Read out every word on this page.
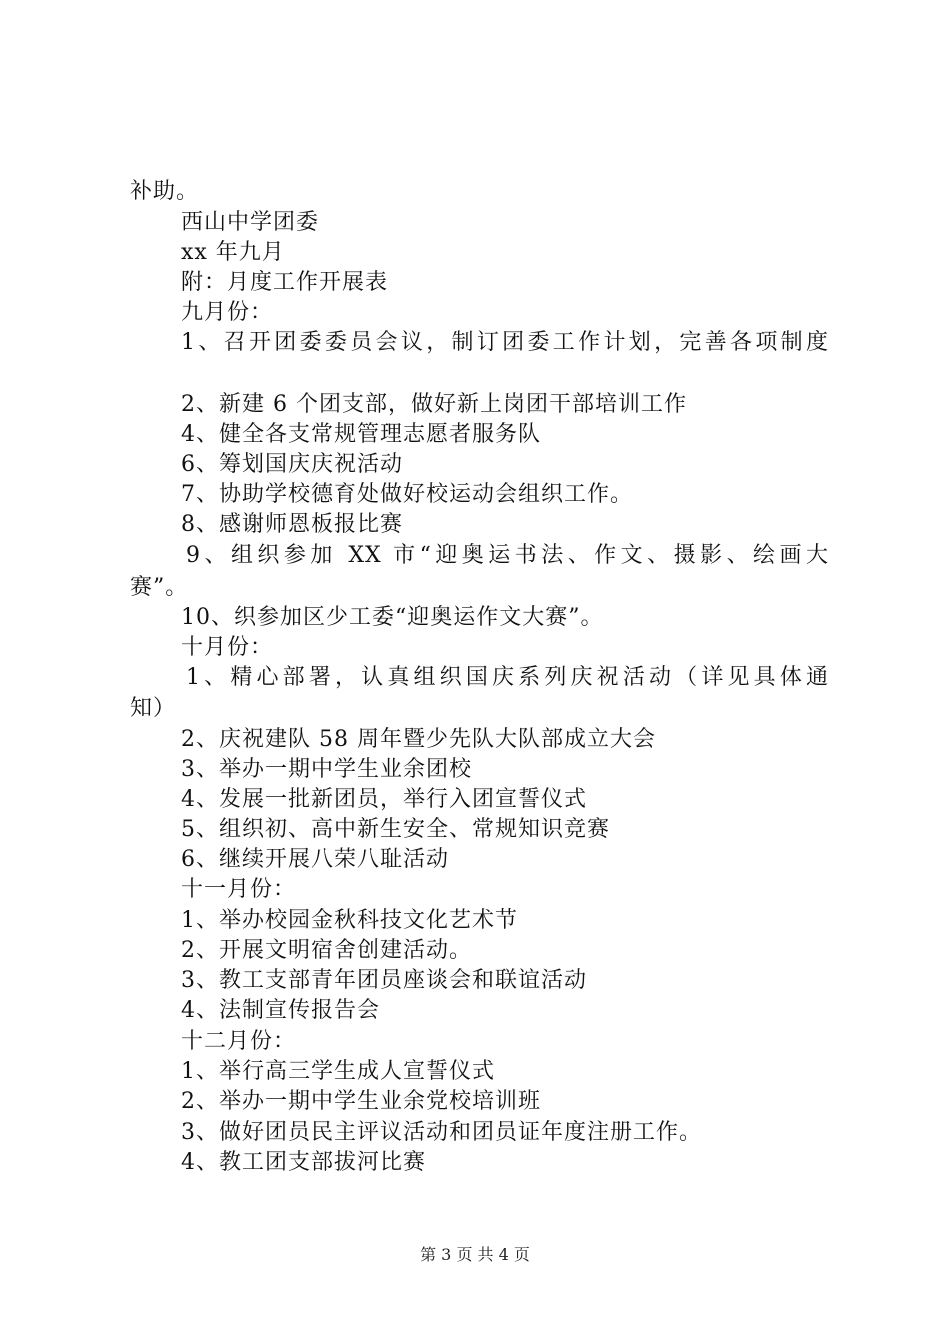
补助。
西山中学团委
xx 年九月
附：月度工作开展表
九月份：
1、召开团委委员会议，制订团委工作计划，完善各项制度
2、新建 6 个团支部，做好新上岗团干部培训工作
4、健全各支常规管理志愿者服务队
6、筹划国庆庆祝活动
7、协助学校德育处做好校运动会组织工作。
8、感谢师恩板报比赛
9、组织参加 XX 市“迎奥运书法、作文、摄影、绘画大
赛”。
10、织参加区少工委“迎奥运作文大赛”。
十月份：
1、精心部署，认真组织国庆系列庆祝活动（详见具体通
知）
2、庆祝建队 58 周年暨少先队大队部成立大会
3、举办一期中学生业余团校
4、发展一批新团员，举行入团宣誓仪式
5、组织初、高中新生安全、常规知识竞赛
6、继续开展八荣八耻活动
十一月份：
1、举办校园金秋科技文化艺术节
2、开展文明宿舍创建活动。
3、教工支部青年团员座谈会和联谊活动
4、法制宣传报告会
十二月份：
1、举行高三学生成人宣誓仪式
2、举办一期中学生业余党校培训班
3、做好团员民主评议活动和团员证年度注册工作。
4、教工团支部拔河比赛
第 3 页 共 4 页
